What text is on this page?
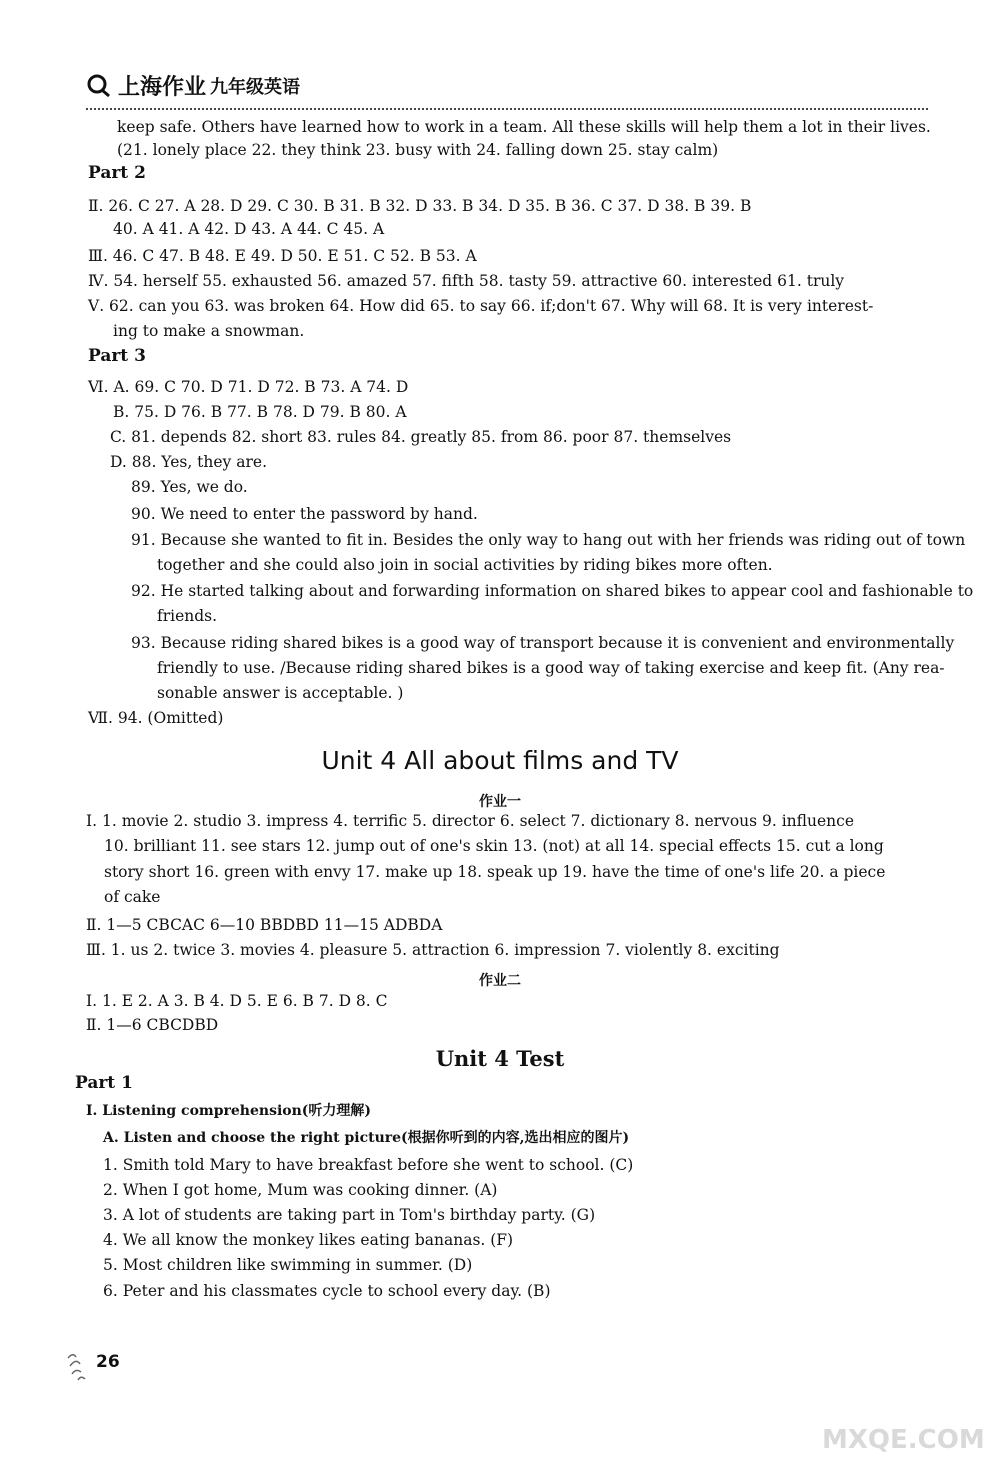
上海作业 九年级英语
keep safe. Others have learned how to work in a team. All these skills will help them a lot in their lives.
(21. lonely place 22. they think 23. busy with 24. falling down 25. stay calm)
Part 2
Ⅱ. 26. C 27. A 28. D 29. C 30. B 31. B 32. D 33. B 34. D 35. B 36. C 37. D 38. B 39. B
40. A 41. A 42. D 43. A 44. C 45. A
Ⅲ. 46. C 47. B 48. E 49. D 50. E 51. C 52. B 53. A
Ⅳ. 54. herself 55. exhausted 56. amazed 57. fifth 58. tasty 59. attractive 60. interested 61. truly
Ⅴ. 62. can you 63. was broken 64. How did 65. to say 66. if;don't 67. Why will 68. It is very interest-
ing to make a snowman.
Part 3
Ⅵ. A. 69. C 70. D 71. D 72. B 73. A 74. D
B. 75. D 76. B 77. B 78. D 79. B 80. A
C. 81. depends 82. short 83. rules 84. greatly 85. from 86. poor 87. themselves
D. 88. Yes, they are.
89. Yes, we do.
90. We need to enter the password by hand.
91. Because she wanted to fit in. Besides the only way to hang out with her friends was riding out of town
together and she could also join in social activities by riding bikes more often.
92. He started talking about and forwarding information on shared bikes to appear cool and fashionable to
friends.
93. Because riding shared bikes is a good way of transport because it is convenient and environmentally
friendly to use. /Because riding shared bikes is a good way of taking exercise and keep fit. (Any rea-
sonable answer is acceptable. )
Ⅶ. 94. (Omitted)
Unit 4 All about films and TV
作业一
Ⅰ. 1. movie 2. studio 3. impress 4. terrific 5. director 6. select 7. dictionary 8. nervous 9. influence
10. brilliant 11. see stars 12. jump out of one's skin 13. (not) at all 14. special effects 15. cut a long
story short 16. green with envy 17. make up 18. speak up 19. have the time of one's life 20. a piece
of cake
Ⅱ. 1—5 CBCAC 6—10 BBDBD 11—15 ADBDA
Ⅲ. 1. us 2. twice 3. movies 4. pleasure 5. attraction 6. impression 7. violently 8. exciting
作业二
Ⅰ. 1. E 2. A 3. B 4. D 5. E 6. B 7. D 8. C
Ⅱ. 1—6 CBCDBD
Unit 4 Test
Part 1
Ⅰ. Listening comprehension(听力理解)
A. Listen and choose the right picture(根据你听到的内容,选出相应的图片)
1. Smith told Mary to have breakfast before she went to school. (C)
2. When I got home, Mum was cooking dinner. (A)
3. A lot of students are taking part in Tom's birthday party. (G)
4. We all know the monkey likes eating bananas. (F)
5. Most children like swimming in summer. (D)
6. Peter and his classmates cycle to school every day. (B)
26
MXQE.COM
